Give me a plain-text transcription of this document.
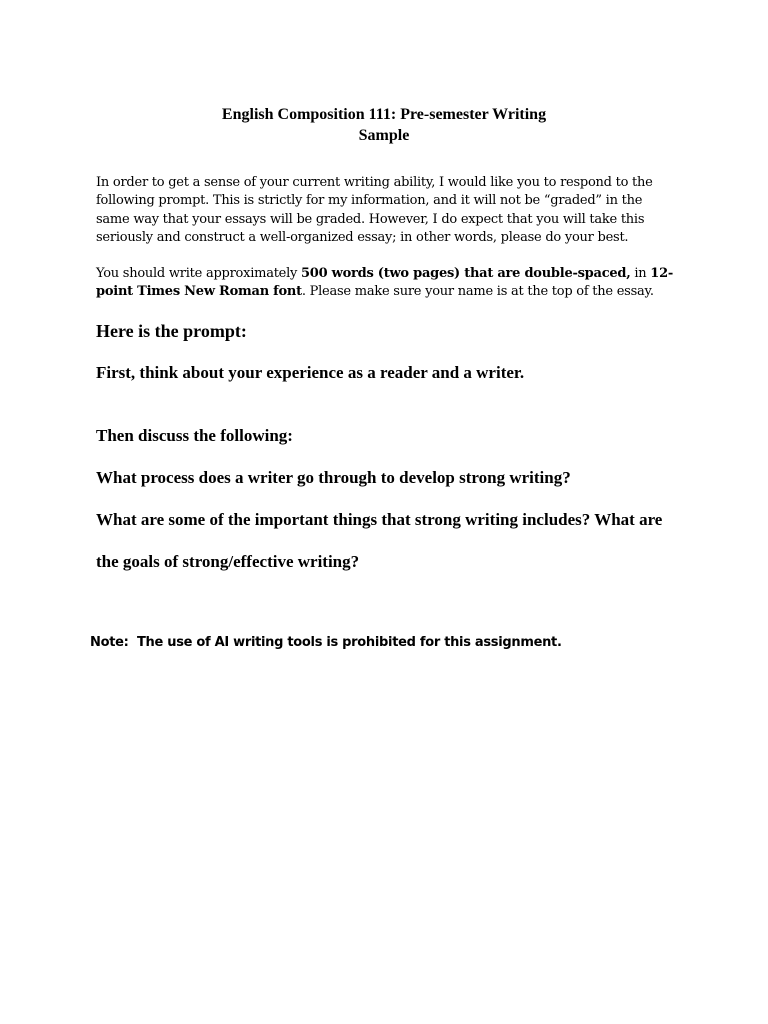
English Composition 111: Pre-semester Writing
Sample

In order to get a sense of your current writing ability, I would like you to respond to the following prompt. This is strictly for my information, and it will not be “graded” in the same way that your essays will be graded. However, I do expect that you will take this seriously and construct a well-organized essay; in other words, please do your best.

You should write approximately 500 words (two pages) that are double-spaced, in 12-point Times New Roman font. Please make sure your name is at the top of the essay.

Here is the prompt:

First, think about your experience as a reader and a writer.

Then discuss the following:

What process does a writer go through to develop strong writing?

What are some of the important things that strong writing includes? What are the goals of strong/effective writing?

Note:  The use of AI writing tools is prohibited for this assignment.
